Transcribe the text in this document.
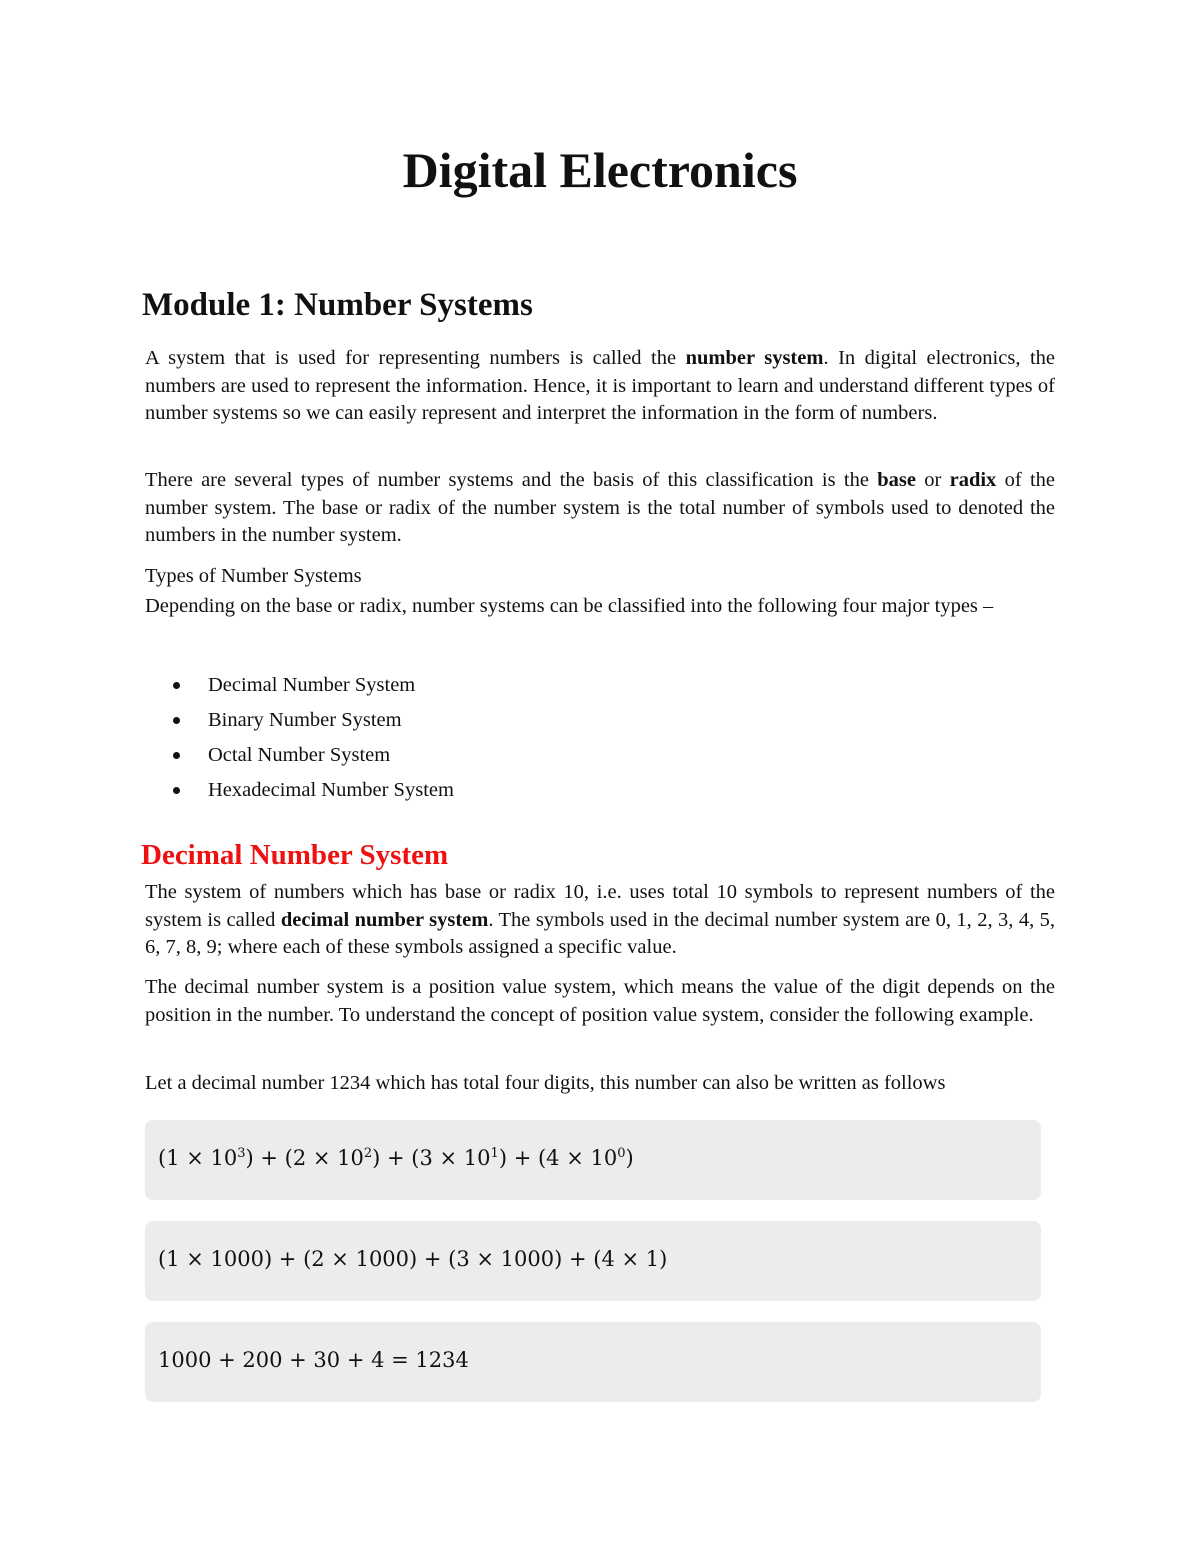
Digital Electronics
Module 1: Number Systems

A system that is used for representing numbers is called the number system. In digital electronics, the numbers are used to represent the information. Hence, it is important to learn and understand different types of number systems so we can easily represent and interpret the information in the form of numbers.

There are several types of number systems and the basis of this classification is the base or radix of the number system. The base or radix of the number system is the total number of symbols used to denoted the numbers in the number system.

Types of Number Systems

Depending on the base or radix, number systems can be classified into the following four major types –

Decimal Number System
Binary Number System
Octal Number System
Hexadecimal Number System
Decimal Number System

The system of numbers which has base or radix 10, i.e. uses total 10 symbols to represent numbers of the system is called decimal number system. The symbols used in the decimal number system are 0, 1, 2, 3, 4, 5, 6, 7, 8, 9; where each of these symbols assigned a specific value.

The decimal number system is a position value system, which means the value of the digit depends on the position in the number. To understand the concept of position value system, consider the following example.

Let a decimal number 1234 which has total four digits, this number can also be written as follows

$(1 \times 10^3) + (2 \times 10^2) + (3 \times 10^1) + (4 \times 10^0)$
(1 × 1000) + (2 × 1000) + (3 × 1000) + (4 × 1)
1000 + 200 + 30 + 4 = 1234
